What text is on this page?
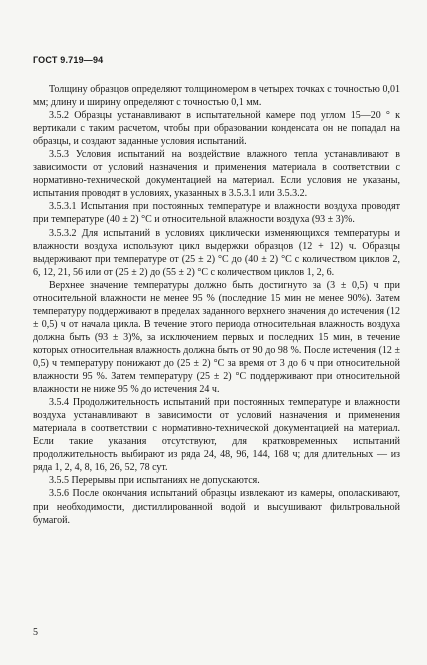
ГОСТ 9.719—94

Толщину образцов определяют толщиномером в четырех точках с точностью 0,01 мм; длину и ширину определяют с точностью 0,1 мм.

3.5.2 Образцы устанавливают в испытательной камере под углом 15—20 ° к вертикали с таким расчетом, чтобы при образовании конденсата он не попадал на образцы, и создают заданные условия испытаний.

3.5.3 Условия испытаний на воздействие влажного тепла устанавливают в зависимости от условий назначения и применения материала в соответствии с нормативно-технической документацией на материал. Если условия не указаны, испытания проводят в условиях, указанных в 3.5.3.1 или 3.5.3.2.

3.5.3.1 Испытания при постоянных температуре и влажности воздуха проводят при температуре (40 ± 2) °C и относительной влажности воздуха (93 ± 3)%.

3.5.3.2 Для испытаний в условиях циклически изменяющихся температуры и влажности воздуха используют цикл выдержки образцов (12 + 12) ч. Образцы выдерживают при температуре от (25 ± 2) °C до (40 ± 2) °C с количеством циклов 2, 6, 12, 21, 56 или от (25 ± 2) до (55 ± 2) °C с количеством циклов 1, 2, 6.

Верхнее значение температуры должно быть достигнуто за (3 ± 0,5) ч при относительной влажности не менее 95 % (последние 15 мин не менее 90%). Затем температуру поддерживают в пределах заданного верхнего значения до истечения (12 ± 0,5) ч от начала цикла. В течение этого периода относительная влажность воздуха должна быть (93 ± 3)%, за исключением первых и последних 15 мин, в течение которых относительная влажность должна быть от 90 до 98 %. После истечения (12 ± 0,5) ч температуру понижают до (25 ± 2) °C за время от 3 до 6 ч при относительной влажности 95 %. Затем температуру (25 ± 2) °C поддерживают при относительной влажности не ниже 95 % до истечения 24 ч.

3.5.4 Продолжительность испытаний при постоянных температуре и влажности воздуха устанавливают в зависимости от условий назначения и применения материала в соответствии с нормативно-технической документацией на материал. Если такие указания отсутствуют, для кратковременных испытаний продолжительность выбирают из ряда 24, 48, 96, 144, 168 ч; для длительных — из ряда 1, 2, 4, 8, 16, 26, 52, 78 сут.

3.5.5 Перерывы при испытаниях не допускаются.

3.5.6 После окончания испытаний образцы извлекают из камеры, ополаскивают, при необходимости, дистиллированной водой и высушивают фильтровальной бумагой.

5
